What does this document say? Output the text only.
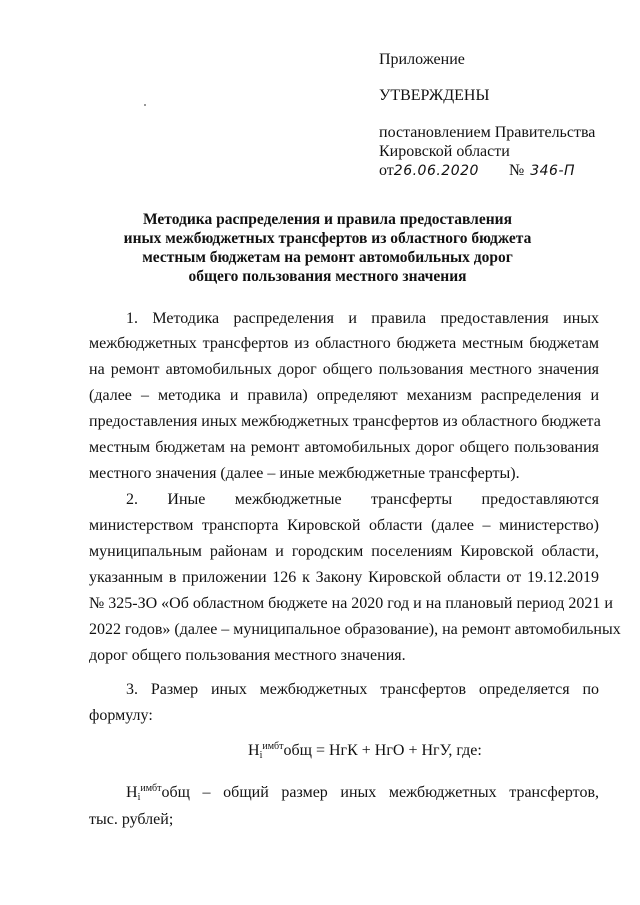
Приложение
УТВЕРЖДЕНЫ
постановлением Правительства
Кировской области
от26.06.2020 № 346-П
Методика распределения и правила предоставления
иных межбюджетных трансфертов из областного бюджета
местным бюджетам на ремонт автомобильных дорог
общего пользования местного значения
1. Методика распределения и правила предоставления иных
межбюджетных трансфертов из областного бюджета местным бюджетам
на ремонт автомобильных дорог общего пользования местного значения
(далее – методика и правила) определяют механизм распределения и
предоставления иных межбюджетных трансфертов из областного бюджета
местным бюджетам на ремонт автомобильных дорог общего пользования
местного значения (далее – иные межбюджетные трансферты).
2. Иные межбюджетные трансферты предоставляются
министерством транспорта Кировской области (далее – министерство)
муниципальным районам и городским поселениям Кировской области,
указанным в приложении 126 к Закону Кировской области от 19.12.2019
№ 325-ЗО «Об областном бюджете на 2020 год и на плановый период 2021 и
2022 годов» (далее – муниципальное образование), на ремонт автомобильных
дорог общего пользования местного значения.
3. Размер иных межбюджетных трансфертов определяется по
формулу:
$Н_i^{имбт}общ$ = НгК + НгО + НгУ, где:
$Н_i^{имбт}общ$ – общий размер иных межбюджетных трансфертов,
тыс. рублей;
